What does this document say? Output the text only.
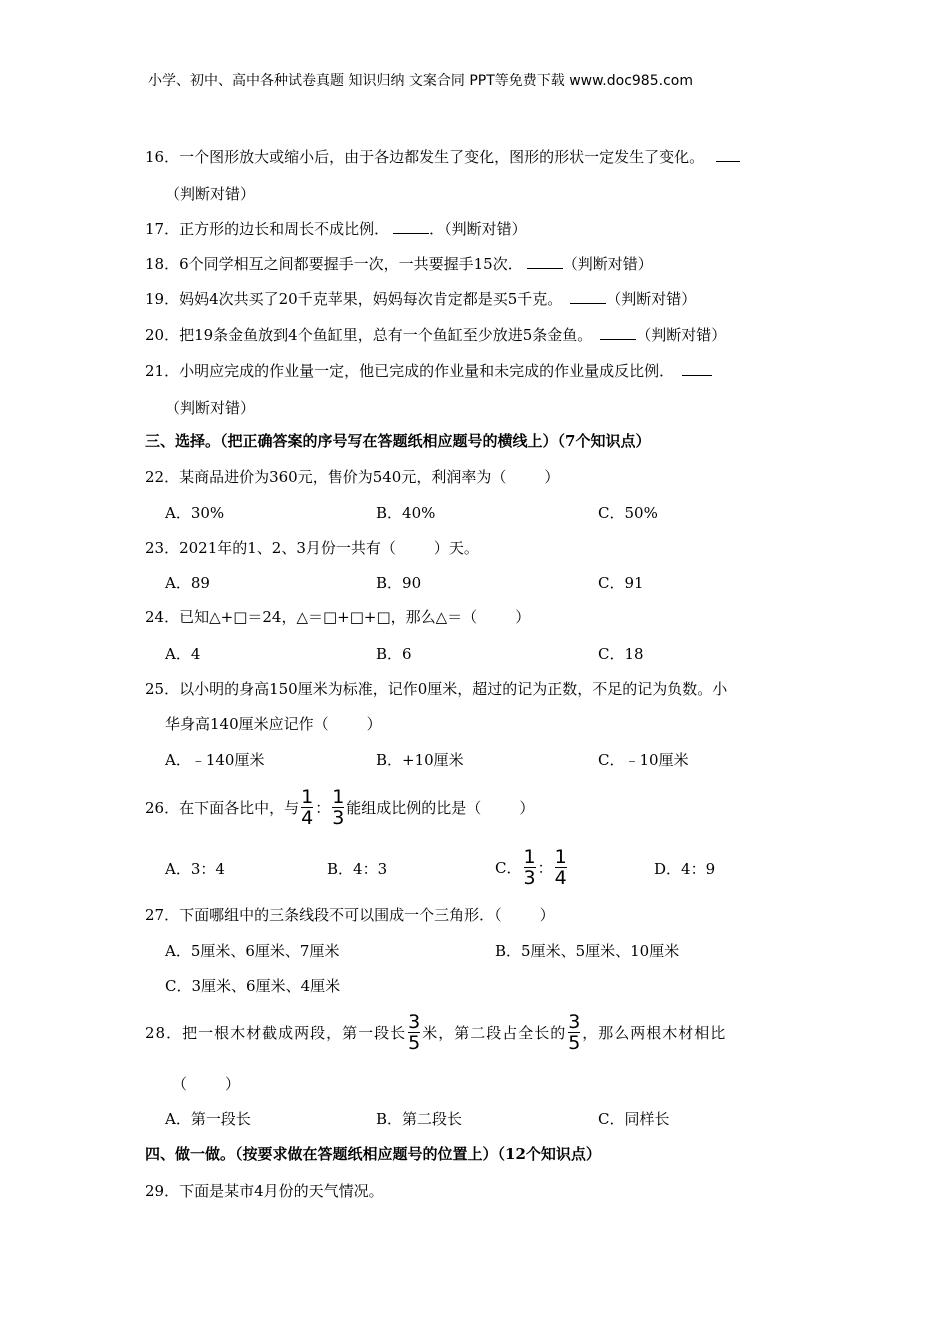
小学、初中、高中各种试卷真题 知识归纳 文案合同 PPT等免费下载 www.doc985.com
16．一个图形放大或缩小后，由于各边都发生了变化，图形的形状一定发生了变化。
（判断对错）
17．正方形的边长和周长不成比例．	．（判断对错）
18．6个同学相互之间都要握手一次，一共要握手15次．	（判断对错）
19．妈妈4次共买了20千克苹果，妈妈每次肯定都是买5千克。	（判断对错）
20．把19条金鱼放到4个鱼缸里，总有一个鱼缸至少放进5条金鱼。	（判断对错）
21．小明应完成的作业量一定，他已完成的作业量和未完成的作业量成反比例．
（判断对错）
三、选择。（把正确答案的序号写在答题纸相应题号的横线上）（7个知识点）
22．某商品进价为360元，售价为540元，利润率为（	）
A．30%	B．40%	C．50%
23．2021年的1、2、3月份一共有（	）天。
A．89	B．90	C．91
24．已知△+□＝24，△＝□+□+□，那么△＝（	）
A．4	B．6	C．18
25．以小明的身高150厘米为标准，记作0厘米，超过的记为正数，不足的记为负数。小
华身高140厘米应记作（	）
A．﹣140厘米	B．+10厘米	C．﹣10厘米
26．在下面各比中，与 $\frac{1}{4}$ ： $\frac{1}{3}$ 能组成比例的比是（	）
A．3：4	B．4：3	C． $\frac{1}{3}$ ： $\frac{1}{4}$	D．4：9
27．下面哪组中的三条线段不可以围成一个三角形．（	）
A．5厘米、6厘米、7厘米	B．5厘米、5厘米、10厘米
C．3厘米、6厘米、4厘米
28．把一根木材截成两段，第一段长 $\frac{3}{5}$ 米，第二段占全长的 $\frac{3}{5}$ ，那么两根木材相比
（	）
A．第一段长	B．第二段长	C．同样长
四、做一做。（按要求做在答题纸相应题号的位置上）（12个知识点）
29．下面是某市4月份的天气情况。
